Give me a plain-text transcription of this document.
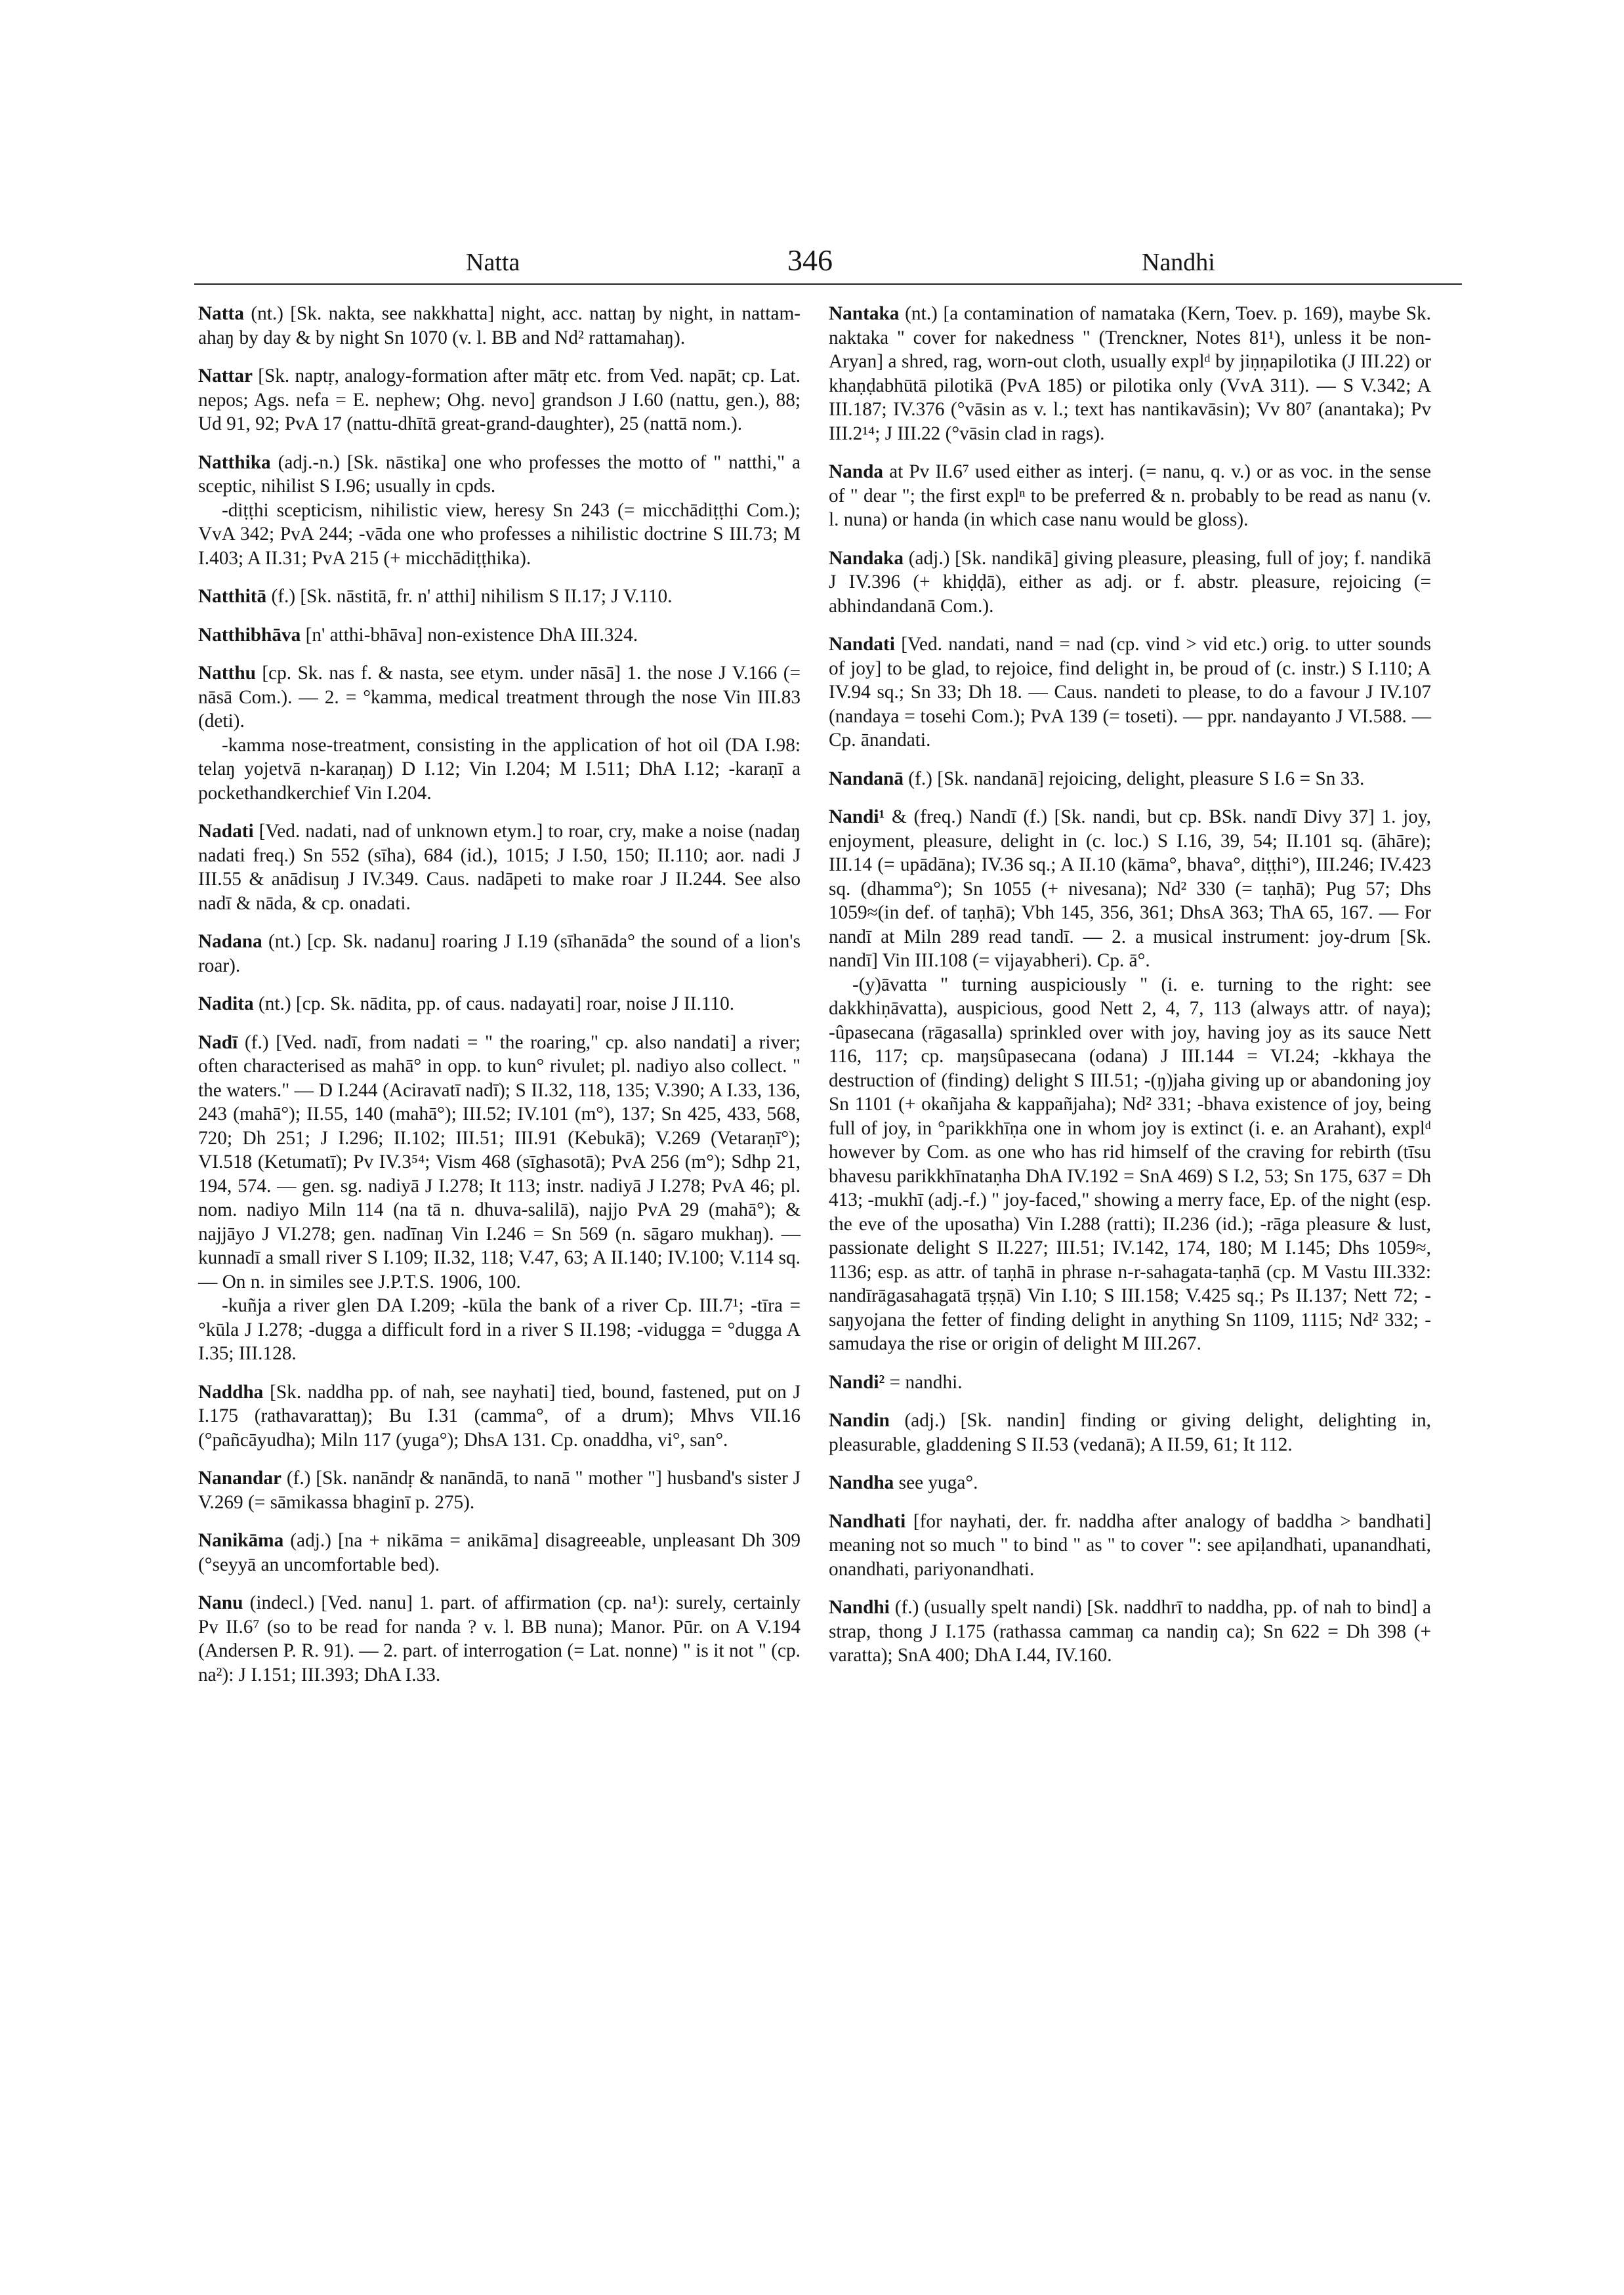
Natta	346	Nandhi
Natta (nt.) [Sk. nakta, see nakkhatta] night, acc. nattaŋ by night, in nattam-ahaŋ by day & by night Sn 1070 (v. l. BB and Nd² rattamahaŋ).
Nattar [Sk. naptṛ, analogy-formation after mātṛ etc. from Ved. napāt; cp. Lat. nepos; Ags. nefa = E. nephew; Ohg. nevo] grandson J I.60 (nattu, gen.), 88; Ud 91, 92; PvA 17 (nattu-dhītā great-grand-daughter), 25 (nattā nom.).
Natthika (adj.-n.) [Sk. nāstika] one who professes the motto of " natthi," a sceptic, nihilist S I.96; usually in cpds.
-diṭṭhi scepticism, nihilistic view, heresy Sn 243 (= micchādiṭṭhi Com.); VvA 342; PvA 244; -vāda one who professes a nihilistic doctrine S III.73; M I.403; A II.31; PvA 215 (+ micchādiṭṭhika).
Natthitā (f.) [Sk. nāstitā, fr. n' atthi] nihilism S II.17; J V.110.
Natthibhāva [n' atthi-bhāva] non-existence DhA III.324.
Natthu [cp. Sk. nas f. & nasta, see etym. under nāsā] 1. the nose J V.166 (= nāsā Com.). — 2. = °kamma, medical treatment through the nose Vin III.83 (deti).
-kamma nose-treatment, consisting in the application of hot oil (DA I.98: telaŋ yojetvā n-karaṇaŋ) D I.12; Vin I.204; M I.511; DhA I.12; -karaṇī a pockethandkerchief Vin I.204.
Nadati [Ved. nadati, nad of unknown etym.] to roar, cry, make a noise (nadaŋ nadati freq.) Sn 552 (sīha), 684 (id.), 1015; J I.50, 150; II.110; aor. nadi J III.55 & anādisuŋ J IV.349. Caus. nadāpeti to make roar J II.244. See also nadī & nāda, & cp. onadati.
Nadana (nt.) [cp. Sk. nadanu] roaring J I.19 (sīhanāda° the sound of a lion's roar).
Nadita (nt.) [cp. Sk. nādita, pp. of caus. nadayati] roar, noise J II.110.
Nadī (f.) [Ved. nadī, from nadati = " the roaring," cp. also nandati] a river; often characterised as mahā° in opp. to kun° rivulet; pl. nadiyo also collect. " the waters." — D I.244 (Aciravatī nadī); S II.32, 118, 135; V.390; A I.33, 136, 243 (mahā°); II.55, 140 (mahā°); III.52; IV.101 (m°), 137; Sn 425, 433, 568, 720; Dh 251; J I.296; II.102; III.51; III.91 (Kebukā); V.269 (Vetaraṇī°); VI.518 (Ketumatī); Pv IV.3⁵⁴; Vism 468 (sīghasotā); PvA 256 (m°); Sdhp 21, 194, 574. — gen. sg. nadiyā J I.278; It 113; instr. nadiyā J I.278; PvA 46; pl. nom. nadiyo Miln 114 (na tā n. dhuva-salilā), najjo PvA 29 (mahā°); & najjāyo J VI.278; gen. nadīnaŋ Vin I.246 = Sn 569 (n. sāgaro mukhaŋ). — kunnadī a small river S I.109; II.32, 118; V.47, 63; A II.140; IV.100; V.114 sq. — On n. in similes see J.P.T.S. 1906, 100.
-kuñja a river glen DA I.209; -kūla the bank of a river Cp. III.7¹; -tīra = °kūla J I.278; -dugga a difficult ford in a river S II.198; -vidugga = °dugga A I.35; III.128.
Naddha [Sk. naddha pp. of nah, see nayhati] tied, bound, fastened, put on J I.175 (rathavarattaŋ); Bu I.31 (camma°, of a drum); Mhvs VII.16 (°pañcāyudha); Miln 117 (yuga°); DhsA 131. Cp. onaddha, vi°, san°.
Nanandar (f.) [Sk. nanāndṛ & nanāndā, to nanā " mother "] husband's sister J V.269 (= sāmikassa bhaginī p. 275).
Nanikāma (adj.) [na + nikāma = anikāma] disagreeable, unpleasant Dh 309 (°seyyā an uncomfortable bed).
Nanu (indecl.) [Ved. nanu] 1. part. of affirmation (cp. na¹): surely, certainly Pv II.6⁷ (so to be read for nanda ? v. l. BB nuna); Manor. Pūr. on A V.194 (Andersen P. R. 91). — 2. part. of interrogation (= Lat. nonne) " is it not " (cp. na²): J I.151; III.393; DhA I.33.
Nantaka (nt.) [a contamination of namataka (Kern, Toev. p. 169), maybe Sk. naktaka " cover for nakedness " (Trenckner, Notes 81¹), unless it be non-Aryan] a shred, rag, worn-out cloth, usually explᵈ by jiṇṇapilotika (J III.22) or khaṇḍabhūtā pilotikā (PvA 185) or pilotika only (VvA 311). — S V.342; A III.187; IV.376 (°vāsin as v. l.; text has nantikavāsin); Vv 80⁷ (anantaka); Pv III.2¹⁴; J III.22 (°vāsin clad in rags).
Nanda at Pv II.6⁷ used either as interj. (= nanu, q. v.) or as voc. in the sense of " dear "; the first explⁿ to be preferred & n. probably to be read as nanu (v. l. nuna) or handa (in which case nanu would be gloss).
Nandaka (adj.) [Sk. nandikā] giving pleasure, pleasing, full of joy; f. nandikā J IV.396 (+ khiḍḍā), either as adj. or f. abstr. pleasure, rejoicing (= abhindandanā Com.).
Nandati [Ved. nandati, nand = nad (cp. vind > vid etc.) orig. to utter sounds of joy] to be glad, to rejoice, find delight in, be proud of (c. instr.) S I.110; A IV.94 sq.; Sn 33; Dh 18. — Caus. nandeti to please, to do a favour J IV.107 (nandaya = tosehi Com.); PvA 139 (= toseti). — ppr. nandayanto J VI.588. — Cp. ānandati.
Nandanā (f.) [Sk. nandanā] rejoicing, delight, pleasure S I.6 = Sn 33.
Nandi¹ & (freq.) Nandī (f.) [Sk. nandi, but cp. BSk. nandī Divy 37] 1. joy, enjoyment, pleasure, delight in (c. loc.) S I.16, 39, 54; II.101 sq. (āhāre); III.14 (= upādāna); IV.36 sq.; A II.10 (kāma°, bhava°, diṭṭhi°), III.246; IV.423 sq. (dhamma°); Sn 1055 (+ nivesana); Nd² 330 (= taṇhā); Pug 57; Dhs 1059≈(in def. of taṇhā); Vbh 145, 356, 361; DhsA 363; ThA 65, 167. — For nandī at Miln 289 read tandī. — 2. a musical instrument: joy-drum [Sk. nandī] Vin III.108 (= vijayabheri). Cp. ā°.
-(y)āvatta " turning auspiciously " (i. e. turning to the right: see dakkhiṇāvatta), auspicious, good Nett 2, 4, 7, 113 (always attr. of naya); -ûpasecana (rāgasalla) sprinkled over with joy, having joy as its sauce Nett 116, 117; cp. maŋsûpasecana (odana) J III.144 = VI.24; -kkhaya the destruction of (finding) delight S III.51; -(ŋ)jaha giving up or abandoning joy Sn 1101 (+ okañjaha & kappañjaha); Nd² 331; -bhava existence of joy, being full of joy, in °parikkhīṇa one in whom joy is extinct (i. e. an Arahant), explᵈ however by Com. as one who has rid himself of the craving for rebirth (tīsu bhavesu parikkhīnataṇha DhA IV.192 = SnA 469) S I.2, 53; Sn 175, 637 = Dh 413; -mukhī (adj.-f.) " joy-faced," showing a merry face, Ep. of the night (esp. the eve of the uposatha) Vin I.288 (ratti); II.236 (id.); -rāga pleasure & lust, passionate delight S II.227; III.51; IV.142, 174, 180; M I.145; Dhs 1059≈, 1136; esp. as attr. of taṇhā in phrase n-r-sahagata-taṇhā (cp. M Vastu III.332: nandīrāgasahagatā tṛṣṇā) Vin I.10; S III.158; V.425 sq.; Ps II.137; Nett 72; -saŋyojana the fetter of finding delight in anything Sn 1109, 1115; Nd² 332; -samudaya the rise or origin of delight M III.267.
Nandi² = nandhi.
Nandin (adj.) [Sk. nandin] finding or giving delight, delighting in, pleasurable, gladdening S II.53 (vedanā); A II.59, 61; It 112.
Nandha see yuga°.
Nandhati [for nayhati, der. fr. naddha after analogy of baddha > bandhati] meaning not so much " to bind " as " to cover ": see apiḷandhati, upanandhati, onandhati, pariyonandhati.
Nandhi (f.) (usually spelt nandi) [Sk. naddhrī to naddha, pp. of nah to bind] a strap, thong J I.175 (rathassa cammaŋ ca nandiŋ ca); Sn 622 = Dh 398 (+ varatta); SnA 400; DhA I.44, IV.160.
